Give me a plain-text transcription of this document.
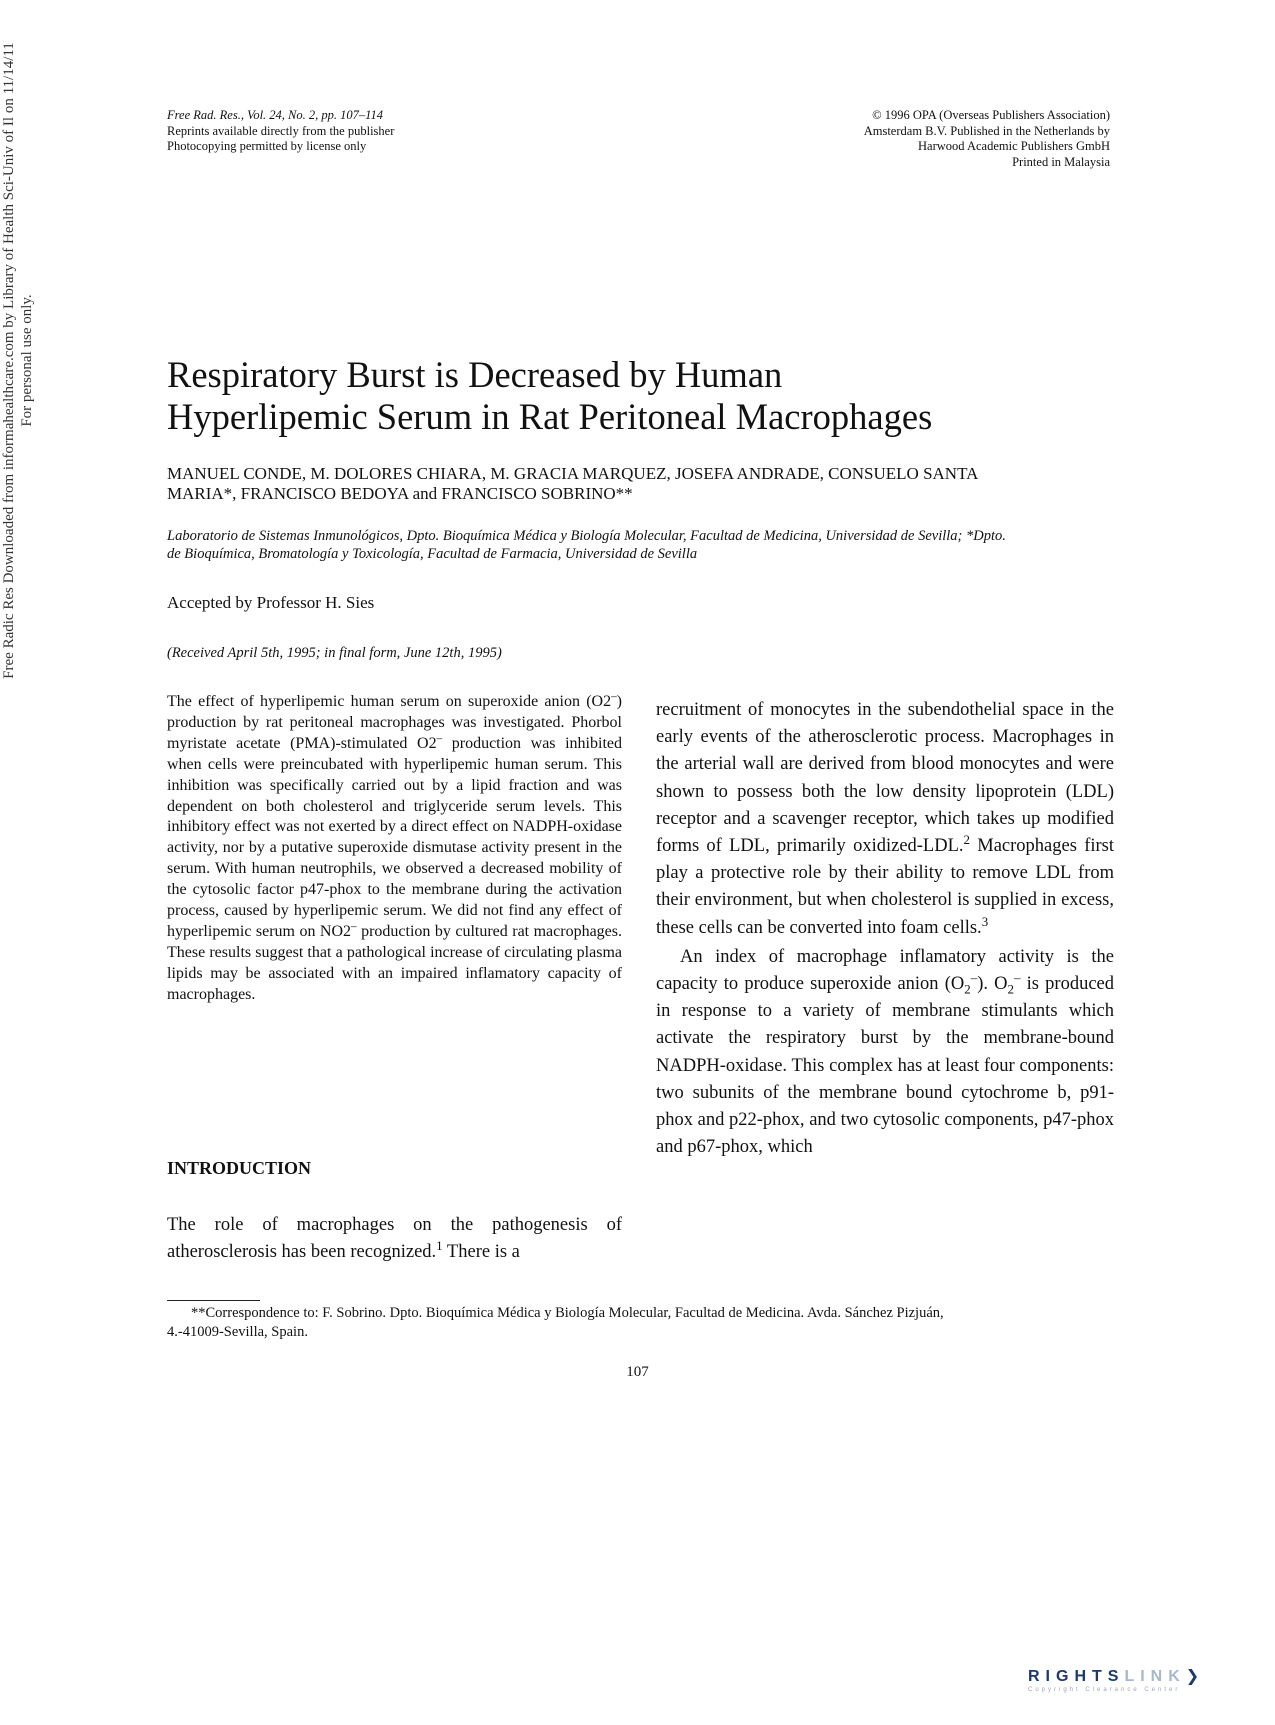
Free Rad. Res., Vol. 24, No. 2, pp. 107–114
Reprints available directly from the publisher
Photocopying permitted by license only
© 1996 OPA (Overseas Publishers Association)
Amsterdam B.V. Published in the Netherlands by
Harwood Academic Publishers GmbH
Printed in Malaysia
Respiratory Burst is Decreased by Human
Hyperlipemic Serum in Rat Peritoneal Macrophages
MANUEL CONDE, M. DOLORES CHIARA, M. GRACIA MARQUEZ, JOSEFA ANDRADE, CONSUELO SANTA
MARIA*, FRANCISCO BEDOYA and FRANCISCO SOBRINO**
Laboratorio de Sistemas Inmunológicos, Dpto. Bioquímica Médica y Biología Molecular, Facultad de Medicina, Universidad de Sevilla; *Dpto.
de Bioquímica, Bromatología y Toxicología, Facultad de Farmacia, Universidad de Sevilla
Accepted by Professor H. Sies
(Received April 5th, 1995; in final form, June 12th, 1995)
The effect of hyperlipemic human serum on superoxide anion (O2–) production by rat peritoneal macrophages was investigated. Phorbol myristate acetate (PMA)-stimulated O2– production was inhibited when cells were preincubated with hyperlipemic human serum. This inhibition was specifically carried out by a lipid fraction and was dependent on both cholesterol and triglyceride serum levels. This inhibitory effect was not exerted by a direct effect on NADPH-oxidase activity, nor by a putative superoxide dismutase activity present in the serum. With human neutrophils, we observed a decreased mobility of the cytosolic factor p47-phox to the membrane during the activation process, caused by hyperlipemic serum. We did not find any effect of hyperlipemic serum on NO2– production by cultured rat macrophages. These results suggest that a pathological increase of circulating plasma lipids may be associated with an impaired inflamatory capacity of macrophages.
INTRODUCTION
The role of macrophages on the pathogenesis of atherosclerosis has been recognized.$^1$ There is a

recruitment of monocytes in the subendothelial space in the early events of the atherosclerotic process. Macrophages in the arterial wall are derived from blood monocytes and were shown to possess both the low density lipoprotein (LDL) receptor and a scavenger receptor, which takes up modified forms of LDL, primarily oxidized-LDL.$^2$ Macrophages first play a protective role by their ability to remove LDL from their environment, but when cholesterol is supplied in excess, these cells can be converted into foam cells.$^3$

An index of macrophage inflamatory activity is the capacity to produce superoxide anion $(O_2^-)$. $O_2^-$ is produced in response to a variety of membrane stimulants which activate the respiratory burst by the membrane-bound NADPH-oxidase. This complex has at least four components: two subunits of the membrane bound cytochrome b, p91-phox and p22-phox, and two cytosolic components, p47-phox and p67-phox, which

**Correspondence to: F. Sobrino. Dpto. Bioquímica Médica y Biología Molecular, Facultad de Medicina. Avda. Sánchez Pizjuán,
4.-41009-Sevilla, Spain.
107
Free Radic Res Downloaded from informahealthcare.com by Library of Health Sci-Univ of Il on 11/14/11 For personal use only.
RIGHTSLINK❯
Copyright Clearance Center
